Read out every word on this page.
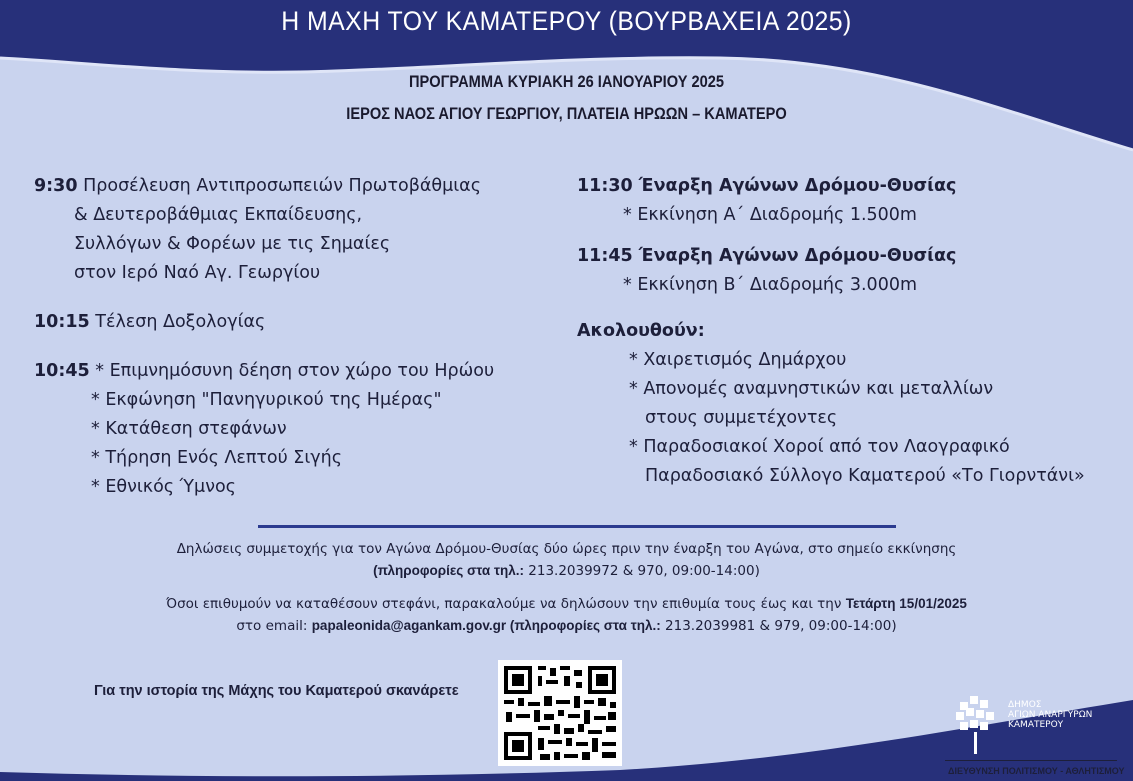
Η ΜΑΧΗ ΤΟΥ ΚΑΜΑΤΕΡΟΥ (ΒΟΥΡΒΑΧΕΙΑ 2025)
ΠΡΟΓΡΑΜΜΑ ΚΥΡΙΑΚΗ 26 ΙΑΝΟΥΑΡΙΟΥ 2025
ΙΕΡΟΣ ΝΑΟΣ ΑΓΙΟΥ ΓΕΩΡΓΙΟΥ, ΠΛΑΤΕΙΑ ΗΡΩΩΝ – ΚΑΜΑΤΕΡΟ
9:30 Προσέλευση Αντιπροσωπειών Πρωτοβάθμιας
& Δευτεροβάθμιας Εκπαίδευσης,
Συλλόγων & Φορέων με τις Σημαίες
στον Ιερό Ναό Αγ. Γεωργίου
10:15 Τέλεση Δοξολογίας
10:45 * Επιμνημόσυνη δέηση στον χώρο του Ηρώου
* Εκφώνηση "Πανηγυρικού της Ημέρας"
* Κατάθεση στεφάνων
* Τήρηση Ενός Λεπτού Σιγής
* Εθνικός Ύμνος
11:30 Έναρξη Αγώνων Δρόμου-Θυσίας
* Εκκίνηση Α΄ Διαδρομής 1.500m
11:45 Έναρξη Αγώνων Δρόμου-Θυσίας
* Εκκίνηση Β΄ Διαδρομής 3.000m
Ακολουθούν:
* Χαιρετισμός Δημάρχου
* Απονομές αναμνηστικών και μεταλλίων
στους συμμετέχοντες
* Παραδοσιακοί Χοροί από τον Λαογραφικό
Παραδοσιακό Σύλλογο Καματερού «Το Γιορντάνι»
Δηλώσεις συμμετοχής για τον Αγώνα Δρόμου-Θυσίας δύο ώρες πριν την έναρξη του Αγώνα, στο σημείο εκκίνησης
(πληροφορίες στα τηλ.: 213.2039972 & 970, 09:00-14:00)
Όσοι επιθυμούν να καταθέσουν στεφάνι, παρακαλούμε να δηλώσουν την επιθυμία τους έως και την Τετάρτη 15/01/2025
στο email: papaleonida@agankam.gov.gr (πληροφορίες στα τηλ.: 213.2039981 & 979, 09:00-14:00)
Για την ιστορία της Μάχης του Καματερού σκανάρετε
ΔΗΜΟΣ
ΑΓΙΩΝ ΑΝΑΡΓΥΡΩΝ
ΚΑΜΑΤΕΡΟΥ
ΔΙΕΥΘΥΝΣΗ ΠΟΛΙΤΙΣΜΟΥ - ΑΘΛΗΤΙΣΜΟΥ
